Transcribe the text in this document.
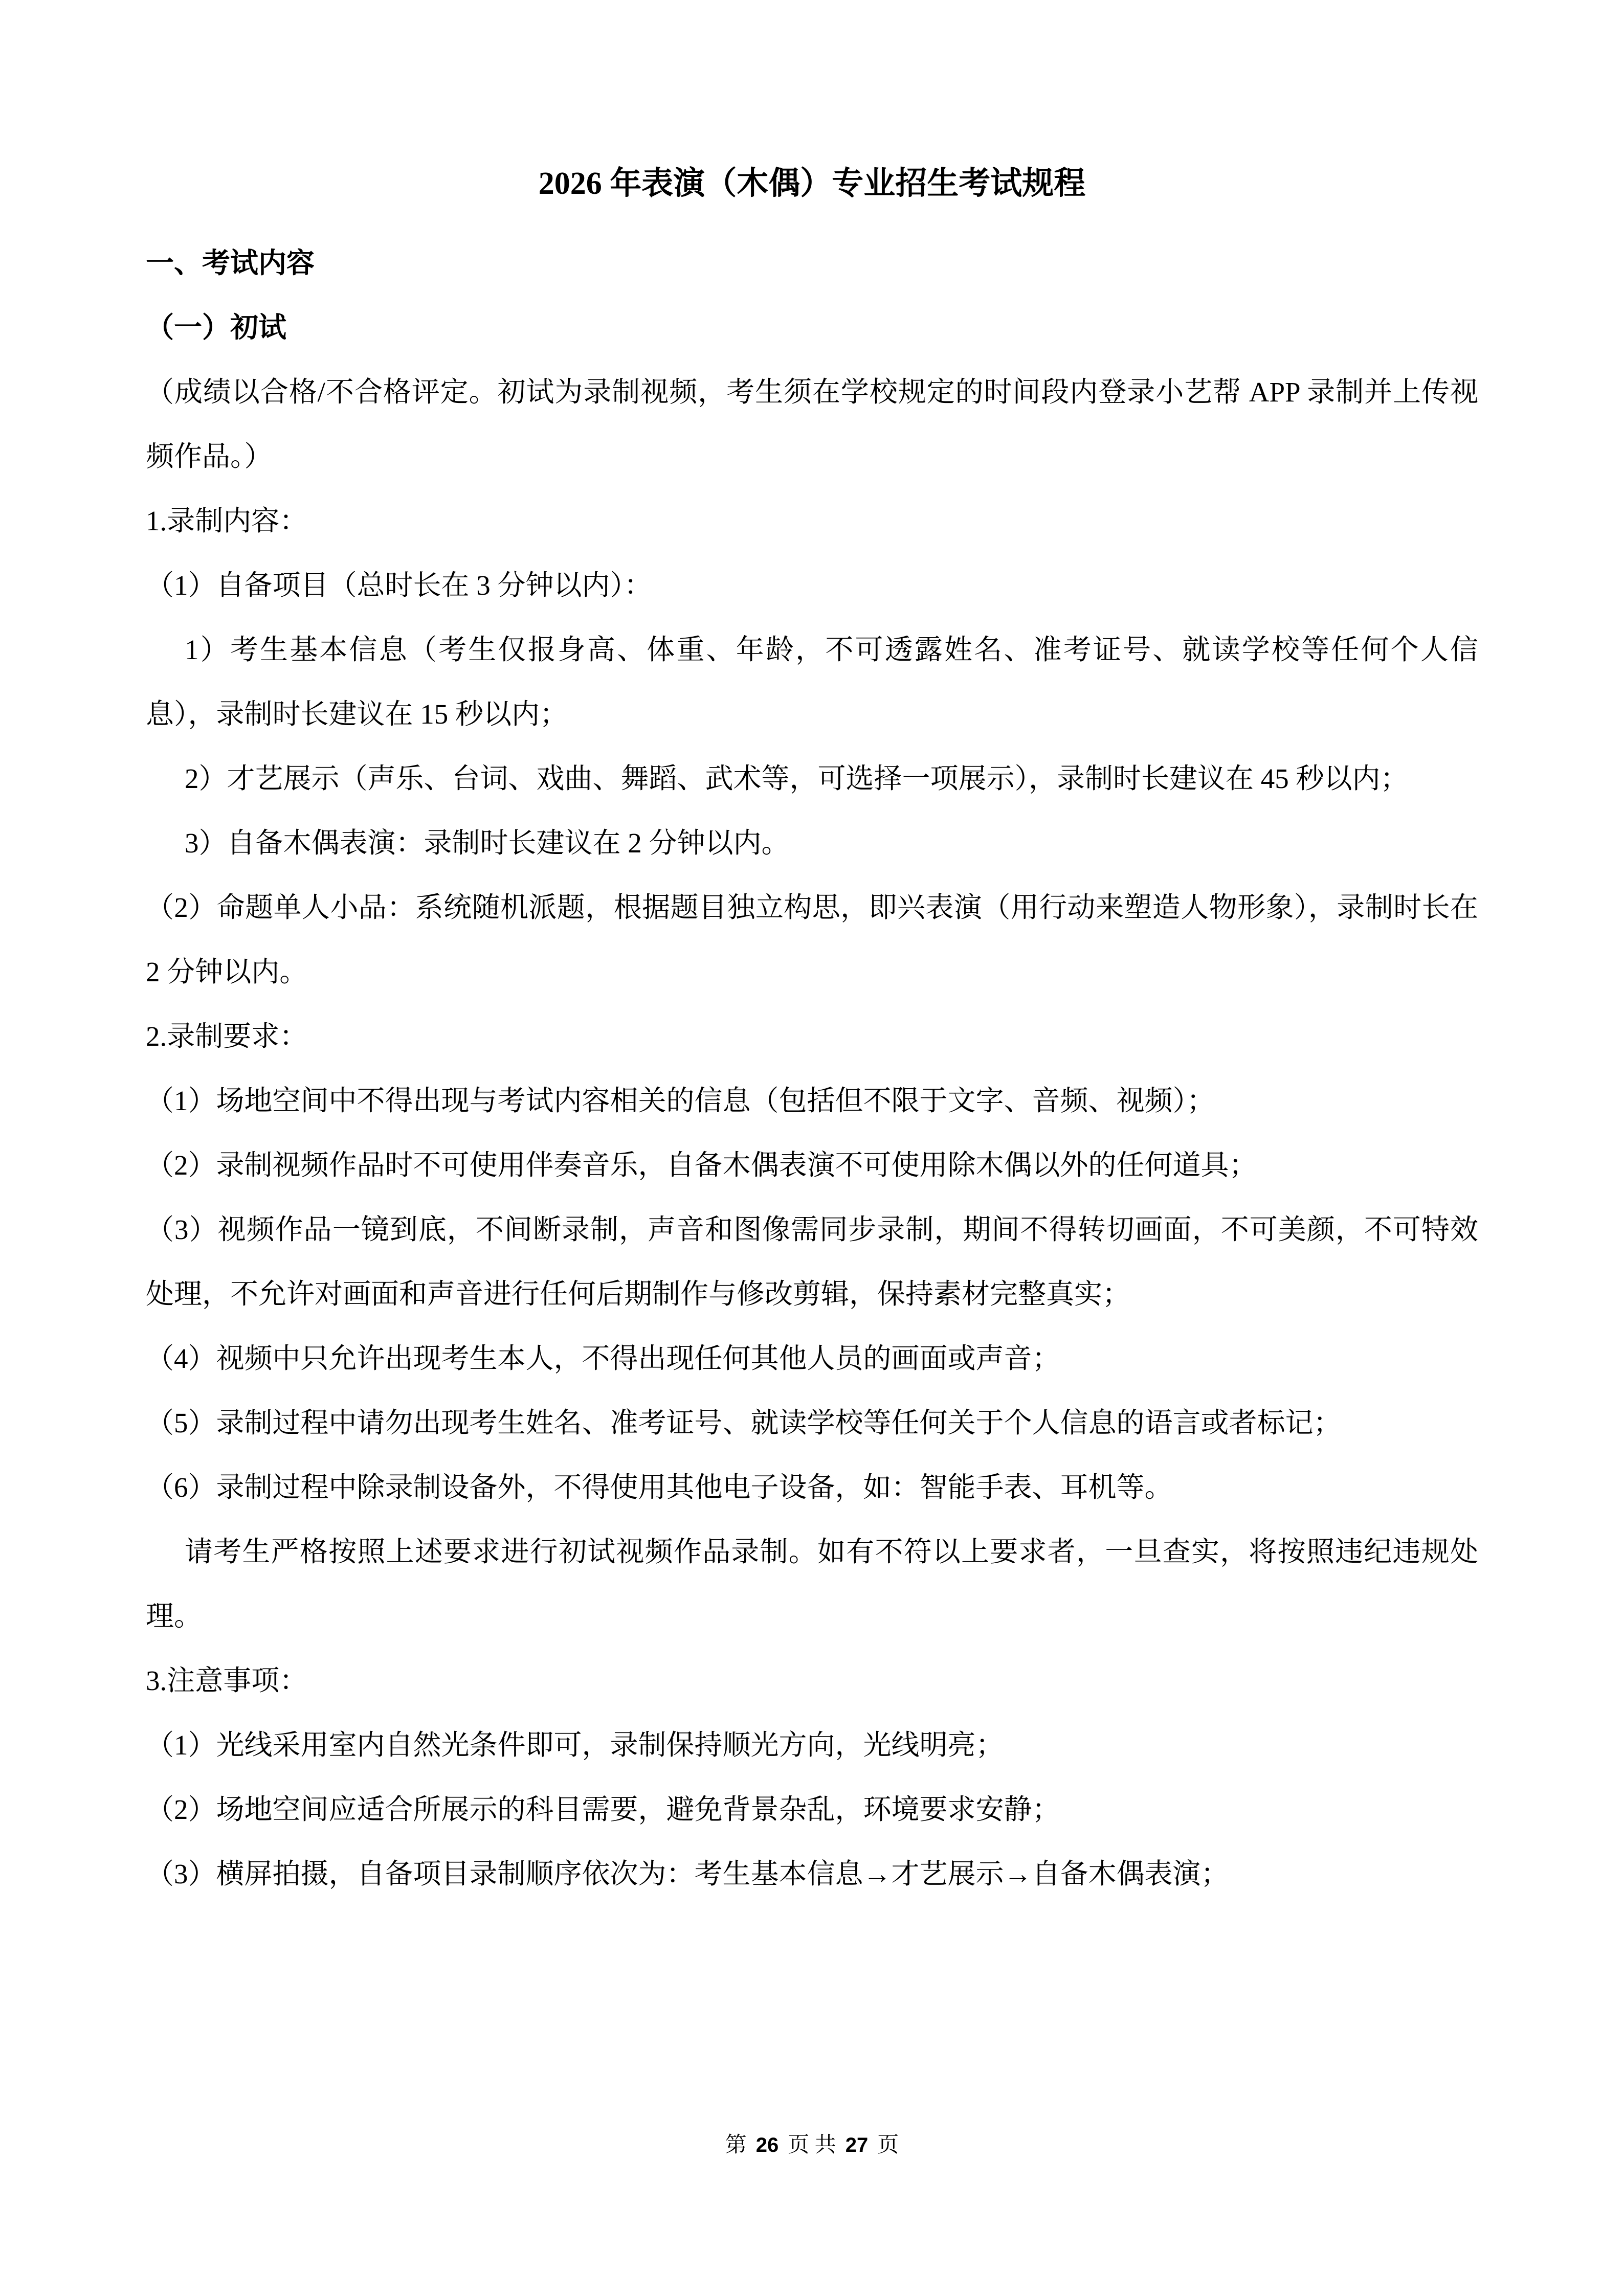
2026 年表演（木偶）专业招生考试规程

一、考试内容

（一）初试

（成绩以合格/不合格评定。初试为录制视频，考生须在学校规定的时间段内登录小艺帮 APP 录制并上传视频作品。）

1.录制内容：

（1）自备项目（总时长在 3 分钟以内）：

1）考生基本信息（考生仅报身高、体重、年龄，不可透露姓名、准考证号、就读学校等任何个人信息），录制时长建议在 15 秒以内；

2）才艺展示（声乐、台词、戏曲、舞蹈、武术等，可选择一项展示），录制时长建议在 45 秒以内；

3）自备木偶表演：录制时长建议在 2 分钟以内。

（2）命题单人小品：系统随机派题，根据题目独立构思，即兴表演（用行动来塑造人物形象），录制时长在 2 分钟以内。

2.录制要求：

（1）场地空间中不得出现与考试内容相关的信息（包括但不限于文字、音频、视频）；

（2）录制视频作品时不可使用伴奏音乐，自备木偶表演不可使用除木偶以外的任何道具；

（3）视频作品一镜到底，不间断录制，声音和图像需同步录制，期间不得转切画面，不可美颜，不可特效处理，不允许对画面和声音进行任何后期制作与修改剪辑，保持素材完整真实；

（4）视频中只允许出现考生本人，不得出现任何其他人员的画面或声音；

（5）录制过程中请勿出现考生姓名、准考证号、就读学校等任何关于个人信息的语言或者标记；

（6）录制过程中除录制设备外，不得使用其他电子设备，如：智能手表、耳机等。

请考生严格按照上述要求进行初试视频作品录制。如有不符以上要求者，一旦查实，将按照违纪违规处理。

3.注意事项：

（1）光线采用室内自然光条件即可，录制保持顺光方向，光线明亮；

（2）场地空间应适合所展示的科目需要，避免背景杂乱，环境要求安静；

（3）横屏拍摄，自备项目录制顺序依次为：考生基本信息→才艺展示→自备木偶表演；

第 26 页 共 27 页
